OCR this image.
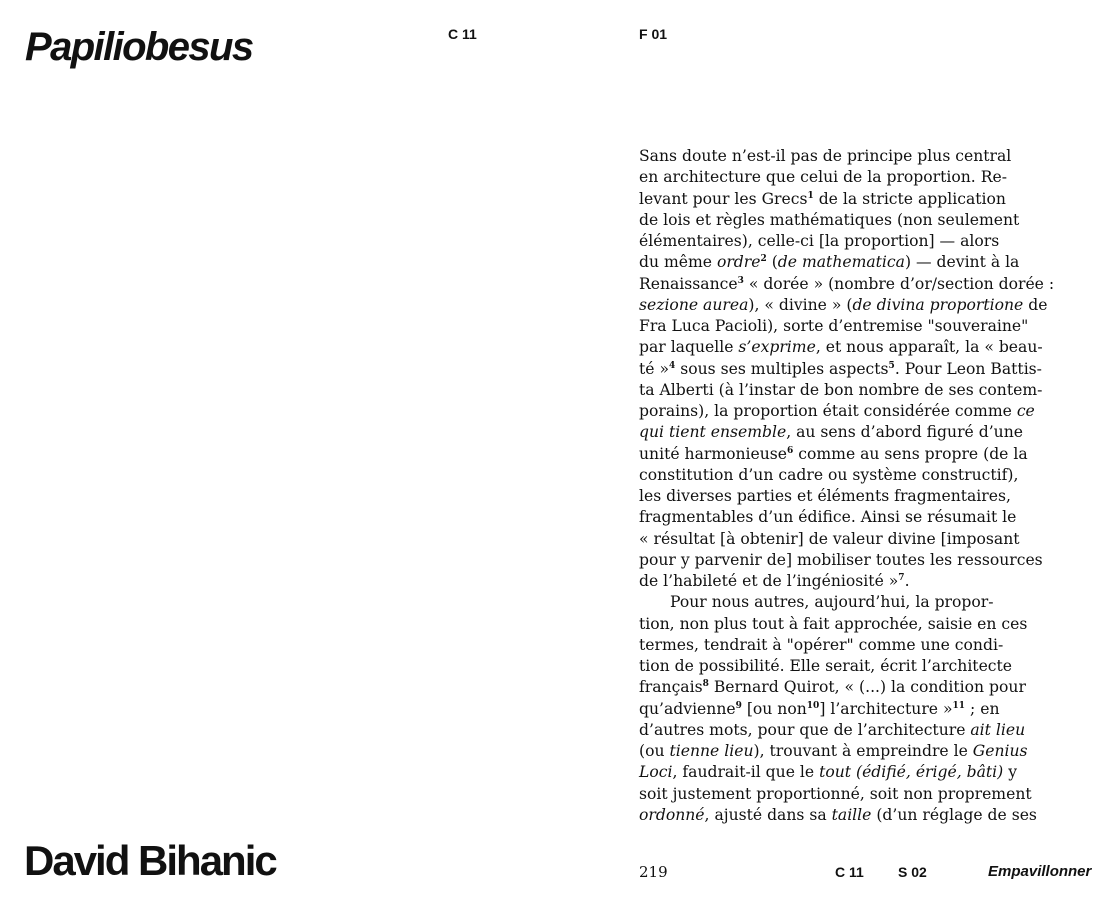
Papiliobesus	C 11	F 01
Sans doute n’est-il pas de principe plus central
en architecture que celui de la proportion. Re-
levant pour les Grecs$^1$ de la stricte application
de lois et règles mathématiques (non seulement
élémentaires), celle-ci [la proportion] — alors
du même ordre$^2$ (de mathematica) — devint à la
Renaissance$^3$ « dorée » (nombre d’or/section dorée :
sezione aurea), « divine » (de divina proportione de
Fra Luca Pacioli), sorte d’entremise "souveraine"
par laquelle s’exprime, et nous apparaît, la « beau-
té »$^4$ sous ses multiples aspects$^5$. Pour Leon Battis-
ta Alberti (à l’instar de bon nombre de ses contem-
porains), la proportion était considérée comme ce
qui tient ensemble, au sens d’abord figuré d’une
unité harmonieuse$^6$ comme au sens propre (de la
constitution d’un cadre ou système constructif),
les diverses parties et éléments fragmentaires,
fragmentables d’un édifice. Ainsi se résumait le
« résultat [à obtenir] de valeur divine [imposant
pour y parvenir de] mobiliser toutes les ressources
de l’habileté et de l’ingéniosité »$^7$.
Pour nous autres, aujourd’hui, la propor-
tion, non plus tout à fait approchée, saisie en ces
termes, tendrait à "opérer" comme une condi-
tion de possibilité. Elle serait, écrit l’architecte
français$^8$ Bernard Quirot, « (...) la condition pour
qu’advienne$^9$ [ou non$^{10}$] l’architecture »$^{11}$ ; en
d’autres mots, pour que de l’architecture ait lieu
(ou tienne lieu), trouvant à empreindre le Genius
Loci, faudrait-il que le tout (édifié, érigé, bâti) y
soit justement proportionné, soit non proprement
ordonné, ajusté dans sa taille (d’un réglage de ses
David Bihanic	219	C 11 S 02	Empavillonner
